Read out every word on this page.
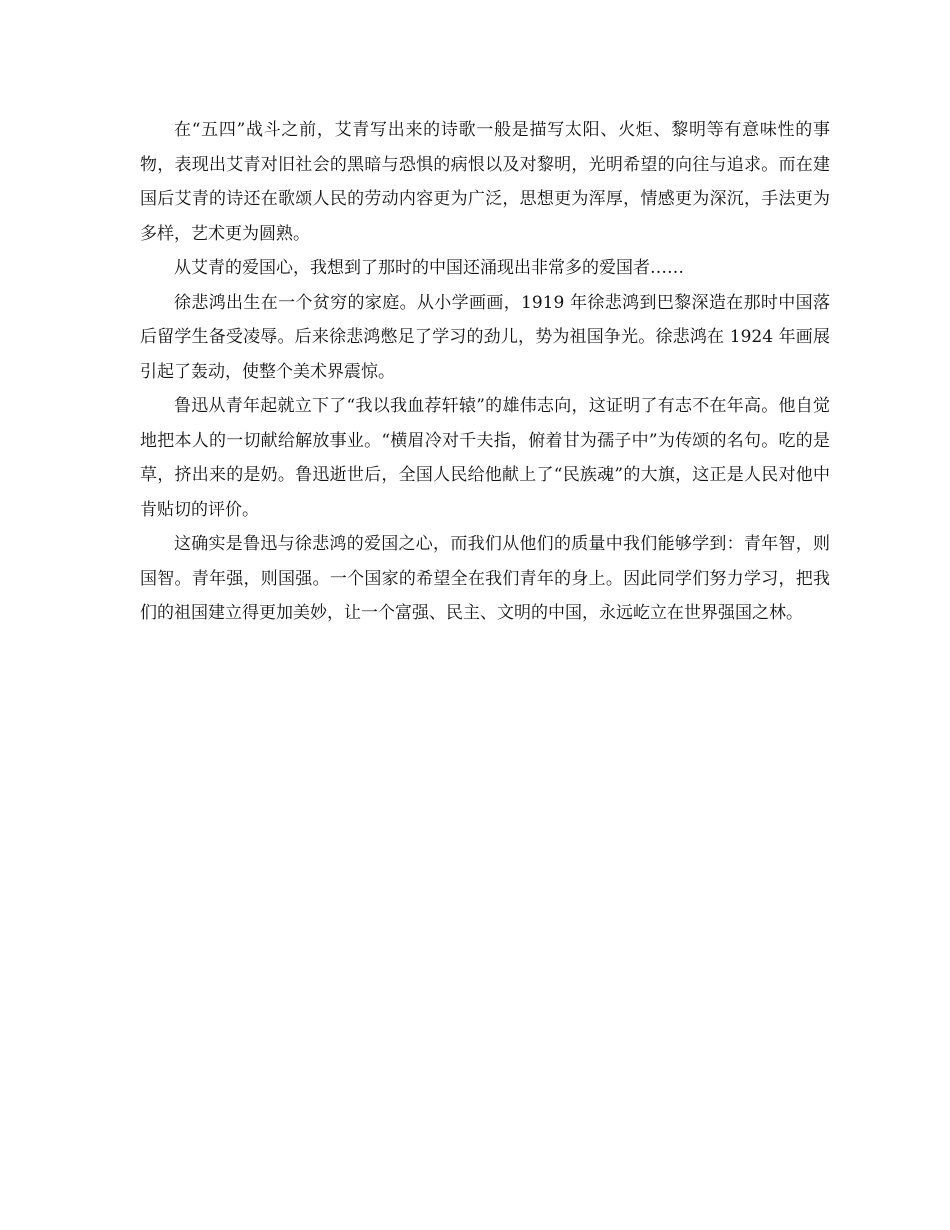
在“五四”战斗之前，艾青写出来的诗歌一般是描写太阳、火炬、黎明等有意味性的事物，表现出艾青对旧社会的黑暗与恐惧的病恨以及对黎明，光明希望的向往与追求。而在建国后艾青的诗还在歌颂人民的劳动内容更为广泛，思想更为浑厚，情感更为深沉，手法更为多样，艺术更为圆熟。

从艾青的爱国心，我想到了那时的中国还涌现出非常多的爱国者……

徐悲鸿出生在一个贫穷的家庭。从小学画画，1919 年徐悲鸿到巴黎深造在那时中国落后留学生备受凌辱。后来徐悲鸿憋足了学习的劲儿，势为祖国争光。徐悲鸿在 1924 年画展引起了轰动，使整个美术界震惊。

鲁迅从青年起就立下了“我以我血荐轩辕”的雄伟志向，这证明了有志不在年高。他自觉地把本人的一切献给解放事业。“横眉冷对千夫指，俯着甘为孺子中”为传颂的名句。吃的是草，挤出来的是奶。鲁迅逝世后，全国人民给他献上了“民族魂”的大旗，这正是人民对他中肯贴切的评价。

这确实是鲁迅与徐悲鸿的爱国之心，而我们从他们的质量中我们能够学到：青年智，则国智。青年强，则国强。一个国家的希望全在我们青年的身上。因此同学们努力学习，把我们的祖国建立得更加美妙，让一个富强、民主、文明的中国，永远屹立在世界强国之林。
